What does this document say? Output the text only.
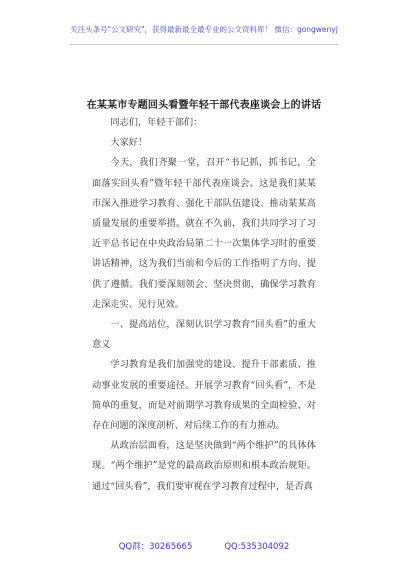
关注头条号"公文研究"，获得最新最全最专业的公文资料库！ 微信：gongwenyj
在某某市专题回头看暨年轻干部代表座谈会上的讲话

同志们，年轻干部们：

大家好！

今天，我们齐聚一堂，召开“书记抓，抓书记，全面落实回头看”暨年轻干部代表座谈会。这是我们某某市深入推进学习教育、强化干部队伍建设、推动某某高质量发展的重要举措。就在不久前，我们共同学习了习近平总书记在中央政治局第二十一次集体学习时的重要讲话精神，这为我们当前和今后的工作指明了方向、提供了遵循。我们要深刻领会、坚决贯彻，确保学习教育走深走实、见行见效。

一、提高站位，深刻认识学习教育“回头看”的重大意义

学习教育是我们加强党的建设、提升干部素质、推动事业发展的重要途径。开展学习教育“回头看”，不是简单的重复，而是对前期学习教育成果的全面检验、对存在问题的深度剖析、对后续工作的有力推动。

从政治层面看，这是坚决做到“两个维护”的具体体现。“两个维护”是党的最高政治原则和根本政治规矩。通过“回头看”，我们要审视在学习教育过程中，是否真

QQ群：30265665	QQ:535304092
